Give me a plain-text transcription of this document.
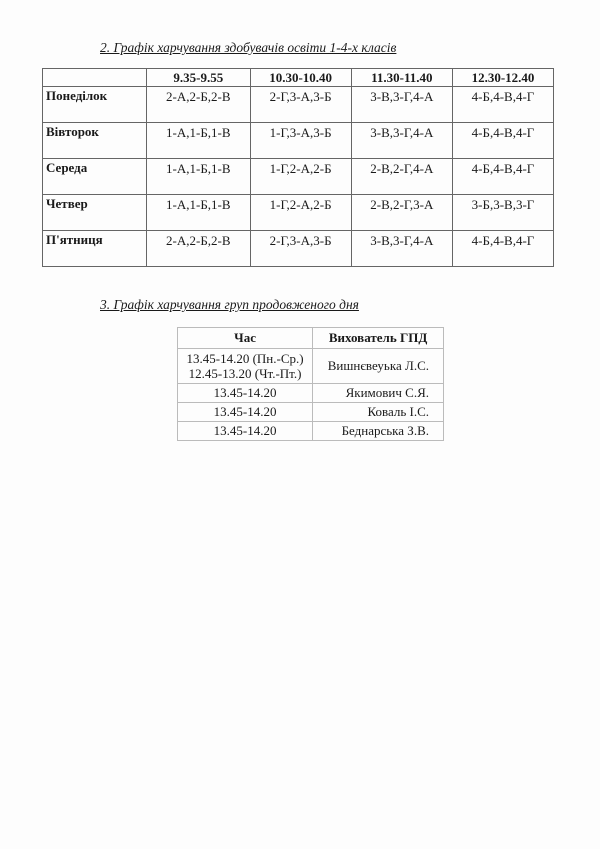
2. Графік харчування здобувачів освіти 1-4-х класів
	9.35-9.55	10.30-10.40	11.30-11.40	12.30-12.40
Понеділок	2-А,2-Б,2-В	2-Г,3-А,3-Б	3-В,3-Г,4-А	4-Б,4-В,4-Г
Вівторок	1-А,1-Б,1-В	1-Г,3-А,3-Б	3-В,3-Г,4-А	4-Б,4-В,4-Г
Середа	1-А,1-Б,1-В	1-Г,2-А,2-Б	2-В,2-Г,4-А	4-Б,4-В,4-Г
Четвер	1-А,1-Б,1-В	1-Г,2-А,2-Б	2-В,2-Г,3-А	3-Б,3-В,3-Г
П'ятниця	2-А,2-Б,2-В	2-Г,3-А,3-Б	3-В,3-Г,4-А	4-Б,4-В,4-Г
3. Графік харчування груп продовженого дня
Час	Вихователь ГПД

13.45-14.20 (Пн.-Ср.)
12.45-13.20 (Чт.-Пт.)	Вишнєвеуька Л.С.
13.45-14.20	Якимович С.Я.
13.45-14.20	Коваль І.С.
13.45-14.20	Беднарська З.В.
